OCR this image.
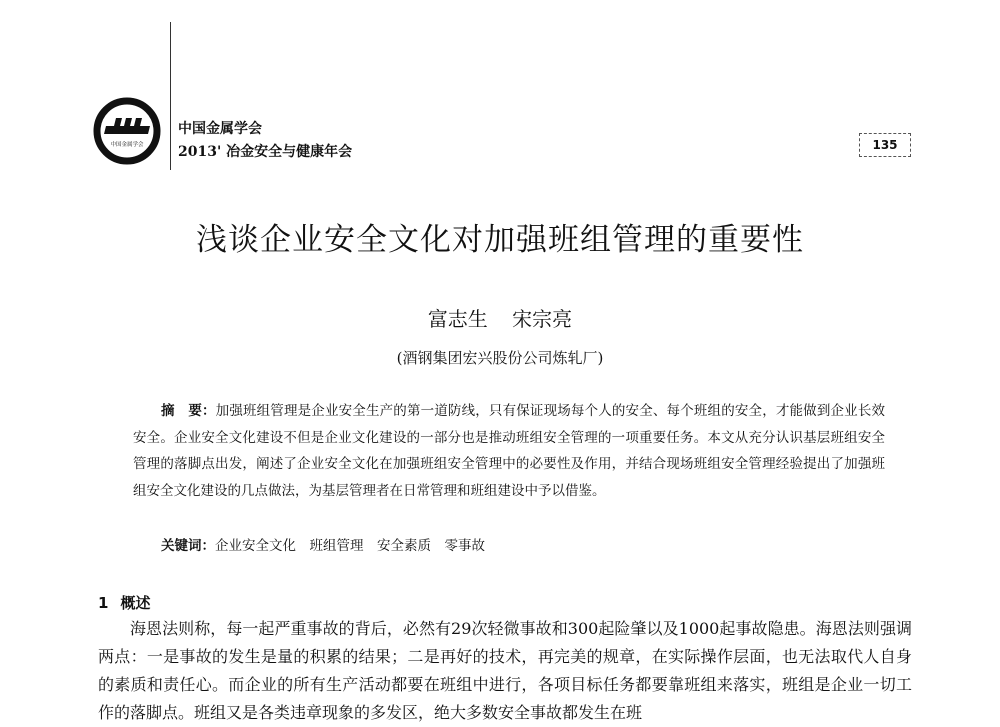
中国金属学会
中国金属学会
2013' 冶金安全与健康年会	135
浅谈企业安全文化对加强班组管理的重要性
富志生 宋宗亮
(酒钢集团宏兴股份公司炼轧厂)

摘　要：加强班组管理是企业安全生产的第一道防线，只有保证现场每个人的安全、每个班组的安全，才能做到企业长效安全。企业安全文化建设不但是企业文化建设的一部分也是推动班组安全管理的一项重要任务。本文从充分认识基层班组安全管理的落脚点出发，阐述了企业安全文化在加强班组安全管理中的必要性及作用，并结合现场班组安全管理经验提出了加强班组安全文化建设的几点做法，为基层管理者在日常管理和班组建设中予以借鉴。

关键词：企业安全文化　班组管理　安全素质　零事故
1 概述

海恩法则称，每一起严重事故的背后，必然有29次轻微事故和300起险肇以及1000起事故隐患。海恩法则强调两点：一是事故的发生是量的积累的结果；二是再好的技术，再完美的规章，在实际操作层面，也无法取代人自身的素质和责任心。而企业的所有生产活动都要在班组中进行，各项目标任务都要靠班组来落实，班组是企业一切工作的落脚点。班组又是各类违章现象的多发区，绝大多数安全事故都发生在班
